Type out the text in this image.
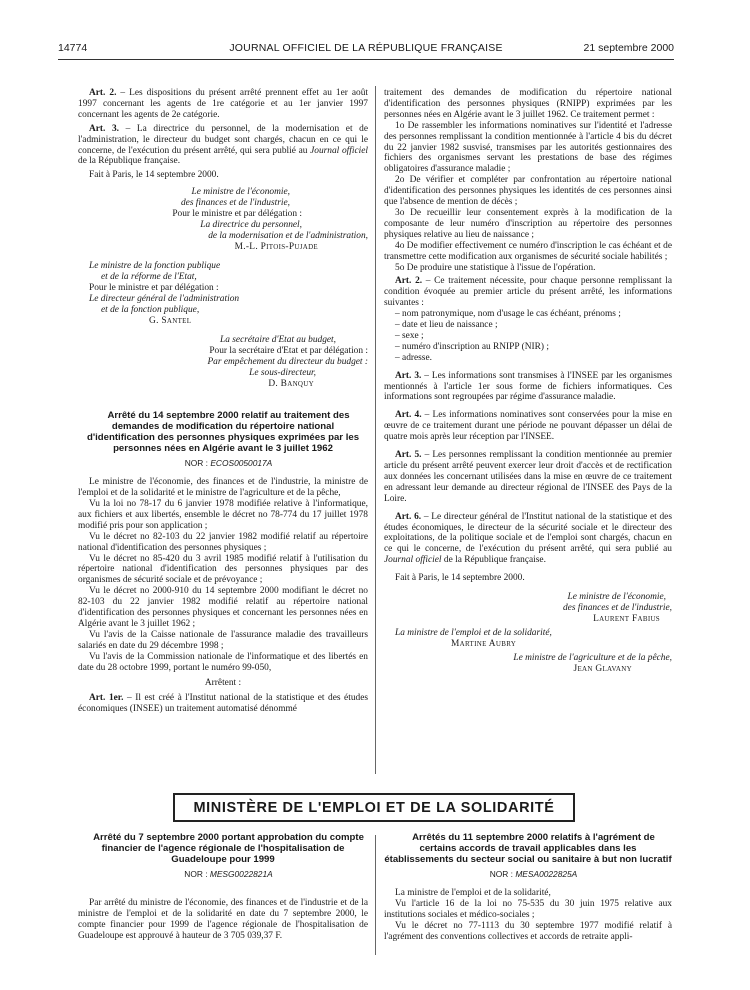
14774	JOURNAL OFFICIEL DE LA RÉPUBLIQUE FRANÇAISE	21 septembre 2000

Art. 2. – Les dispositions du présent arrêté prennent effet au 1er août 1997 concernant les agents de 1re catégorie et au 1er janvier 1997 concernant les agents de 2e catégorie.

Art. 3. – La directrice du personnel, de la modernisation et de l'administration, le directeur du budget sont chargés, chacun en ce qui le concerne, de l'exécution du présent arrêté, qui sera publié au Journal officiel de la République française.

Fait à Paris, le 14 septembre 2000.

Le ministre de l'économie,

des finances et de l'industrie,

Pour le ministre et par délégation :

La directrice du personnel,

de la modernisation et de l'administration,

M.-L. Pitois-Pujade

Le ministre de la fonction publique

et de la réforme de l'Etat,

Pour le ministre et par délégation :

Le directeur général de l'administration

et de la fonction publique,

G. Santel

La secrétaire d'Etat au budget,

Pour la secrétaire d'Etat et par délégation :

Par empêchement du directeur du budget :

Le sous-directeur,

D. Banquy

Arrêté du 14 septembre 2000 relatif au traitement des demandes de modification du répertoire national d'identification des personnes physiques exprimées par les personnes nées en Algérie avant le 3 juillet 1962

NOR : ECOS0050017A

Le ministre de l'économie, des finances et de l'industrie, la ministre de l'emploi et de la solidarité et le ministre de l'agriculture et de la pêche,

Vu la loi no 78-17 du 6 janvier 1978 modifiée relative à l'informatique, aux fichiers et aux libertés, ensemble le décret no 78-774 du 17 juillet 1978 modifié pris pour son application ;

Vu le décret no 82-103 du 22 janvier 1982 modifié relatif au répertoire national d'identification des personnes physiques ;

Vu le décret no 85-420 du 3 avril 1985 modifié relatif à l'utilisation du répertoire national d'identification des personnes physiques par des organismes de sécurité sociale et de prévoyance ;

Vu le décret no 2000-910 du 14 septembre 2000 modifiant le décret no 82-103 du 22 janvier 1982 modifié relatif au répertoire national d'identification des personnes physiques et concernant les personnes nées en Algérie avant le 3 juillet 1962 ;

Vu l'avis de la Caisse nationale de l'assurance maladie des travailleurs salariés en date du 29 décembre 1998 ;

Vu l'avis de la Commission nationale de l'informatique et des libertés en date du 28 octobre 1999, portant le numéro 99-050,

Arrêtent :

Art. 1er. – Il est créé à l'Institut national de la statistique et des études économiques (INSEE) un traitement automatisé dénommé

traitement des demandes de modification du répertoire national d'identification des personnes physiques (RNIPP) exprimées par les personnes nées en Algérie avant le 3 juillet 1962. Ce traitement permet :

1o De rassembler les informations nominatives sur l'identité et l'adresse des personnes remplissant la condition mentionnée à l'article 4 bis du décret du 22 janvier 1982 susvisé, transmises par les autorités gestionnaires des fichiers des organismes servant les prestations de base des régimes obligatoires d'assurance maladie ;

2o De vérifier et compléter par confrontation au répertoire national d'identification des personnes physiques les identités de ces personnes ainsi que l'absence de mention de décès ;

3o De recueillir leur consentement exprès à la modification de la composante de leur numéro d'inscription au répertoire des personnes physiques relative au lieu de naissance ;

4o De modifier effectivement ce numéro d'inscription le cas échéant et de transmettre cette modification aux organismes de sécurité sociale habilités ;

5o De produire une statistique à l'issue de l'opération.

Art. 2. – Ce traitement nécessite, pour chaque personne remplissant la condition évoquée au premier article du présent arrêté, les informations suivantes :

– nom patronymique, nom d'usage le cas échéant, prénoms ;

– date et lieu de naissance ;

– sexe ;

– numéro d'inscription au RNIPP (NIR) ;

– adresse.

Art. 3. – Les informations sont transmises à l'INSEE par les organismes mentionnés à l'article 1er sous forme de fichiers informatiques. Ces informations sont regroupées par régime d'assurance maladie.

Art. 4. – Les informations nominatives sont conservées pour la mise en œuvre de ce traitement durant une période ne pouvant dépasser un délai de quatre mois après leur réception par l'INSEE.

Art. 5. – Les personnes remplissant la condition mentionnée au premier article du présent arrêté peuvent exercer leur droit d'accès et de rectification aux données les concernant utilisées dans la mise en œuvre de ce traitement en adressant leur demande au directeur régional de l'INSEE des Pays de la Loire.

Art. 6. – Le directeur général de l'Institut national de la statistique et des études économiques, le directeur de la sécurité sociale et le directeur des exploitations, de la politique sociale et de l'emploi sont chargés, chacun en ce qui le concerne, de l'exécution du présent arrêté, qui sera publié au Journal officiel de la République française.

Fait à Paris, le 14 septembre 2000.

Le ministre de l'économie,

des finances et de l'industrie,

Laurent Fabius

La ministre de l'emploi et de la solidarité,

Martine Aubry

Le ministre de l'agriculture et de la pêche,

Jean Glavany

MINISTÈRE DE L'EMPLOI ET DE LA SOLIDARITÉ

Arrêté du 7 septembre 2000 portant approbation du compte financier de l'agence régionale de l'hospitalisation de Guadeloupe pour 1999

NOR : MESG0022821A

Par arrêté du ministre de l'économie, des finances et de l'industrie et de la ministre de l'emploi et de la solidarité en date du 7 septembre 2000, le compte financier pour 1999 de l'agence régionale de l'hospitalisation de Guadeloupe est approuvé à hauteur de 3 705 039,37 F.

Arrêtés du 11 septembre 2000 relatifs à l'agrément de certains accords de travail applicables dans les établissements du secteur social ou sanitaire à but non lucratif

NOR : MESA0022825A

La ministre de l'emploi et de la solidarité,

Vu l'article 16 de la loi no 75-535 du 30 juin 1975 relative aux institutions sociales et médico-sociales ;

Vu le décret no 77-1113 du 30 septembre 1977 modifié relatif à l'agrément des conventions collectives et accords de retraite appli-
